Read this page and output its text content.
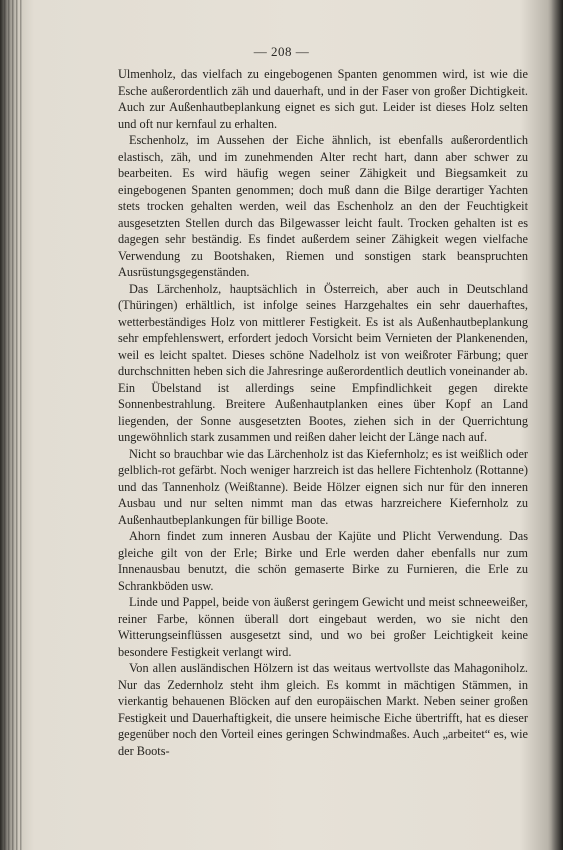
— 208 —

Ulmenholz, das vielfach zu eingebogenen Spanten genommen wird, ist wie die Esche außerordentlich zäh und dauerhaft, und in der Faser von großer Dichtigkeit. Auch zur Außenhautbeplankung eignet es sich gut. Leider ist dieses Holz selten und oft nur kernfaul zu erhalten.

Eschenholz, im Aussehen der Eiche ähnlich, ist ebenfalls außerordentlich elastisch, zäh, und im zunehmenden Alter recht hart, dann aber schwer zu bearbeiten. Es wird häufig wegen seiner Zähigkeit und Biegsamkeit zu eingebogenen Spanten genommen; doch muß dann die Bilge derartiger Yachten stets trocken gehalten werden, weil das Eschenholz an den der Feuchtigkeit ausgesetzten Stellen durch das Bilgewasser leicht fault. Trocken gehalten ist es dagegen sehr beständig. Es findet außerdem seiner Zähigkeit wegen vielfache Verwendung zu Bootshaken, Riemen und sonstigen stark beanspruchten Ausrüstungsgegenständen.

Das Lärchenholz, hauptsächlich in Österreich, aber auch in Deutschland (Thüringen) erhältlich, ist infolge seines Harzgehaltes ein sehr dauerhaftes, wetterbeständiges Holz von mittlerer Festigkeit. Es ist als Außenhautbeplankung sehr empfehlenswert, erfordert jedoch Vorsicht beim Vernieten der Plankenenden, weil es leicht spaltet. Dieses schöne Nadelholz ist von weißroter Färbung; quer durchschnitten heben sich die Jahresringe außerordentlich deutlich voneinander ab. Ein Übelstand ist allerdings seine Empfindlichkeit gegen direkte Sonnenbestrahlung. Breitere Außenhautplanken eines über Kopf an Land liegenden, der Sonne ausgesetzten Bootes, ziehen sich in der Querrichtung ungewöhnlich stark zusammen und reißen daher leicht der Länge nach auf.

Nicht so brauchbar wie das Lärchenholz ist das Kiefernholz; es ist weißlich oder gelblich-rot gefärbt. Noch weniger harzreich ist das hellere Fichtenholz (Rottanne) und das Tannenholz (Weißtanne). Beide Hölzer eignen sich nur für den inneren Ausbau und nur selten nimmt man das etwas harzreichere Kiefernholz zu Außenhautbeplankungen für billige Boote.

Ahorn findet zum inneren Ausbau der Kajüte und Plicht Verwendung. Das gleiche gilt von der Erle; Birke und Erle werden daher ebenfalls nur zum Innenausbau benutzt, die schön gemaserte Birke zu Furnieren, die Erle zu Schrankböden usw.

Linde und Pappel, beide von äußerst geringem Gewicht und meist schneeweißer, reiner Farbe, können überall dort eingebaut werden, wo sie nicht den Witterungseinflüssen ausgesetzt sind, und wo bei großer Leichtigkeit keine besondere Festigkeit verlangt wird.

Von allen ausländischen Hölzern ist das weitaus wertvollste das Mahagoniholz. Nur das Zedernholz steht ihm gleich. Es kommt in mächtigen Stämmen, in vierkantig behauenen Blöcken auf den europäischen Markt. Neben seiner großen Festigkeit und Dauerhaftigkeit, die unsere heimische Eiche übertrifft, hat es dieser gegenüber noch den Vorteil eines geringen Schwindmaßes. Auch „arbeitet“ es, wie der Boots-
